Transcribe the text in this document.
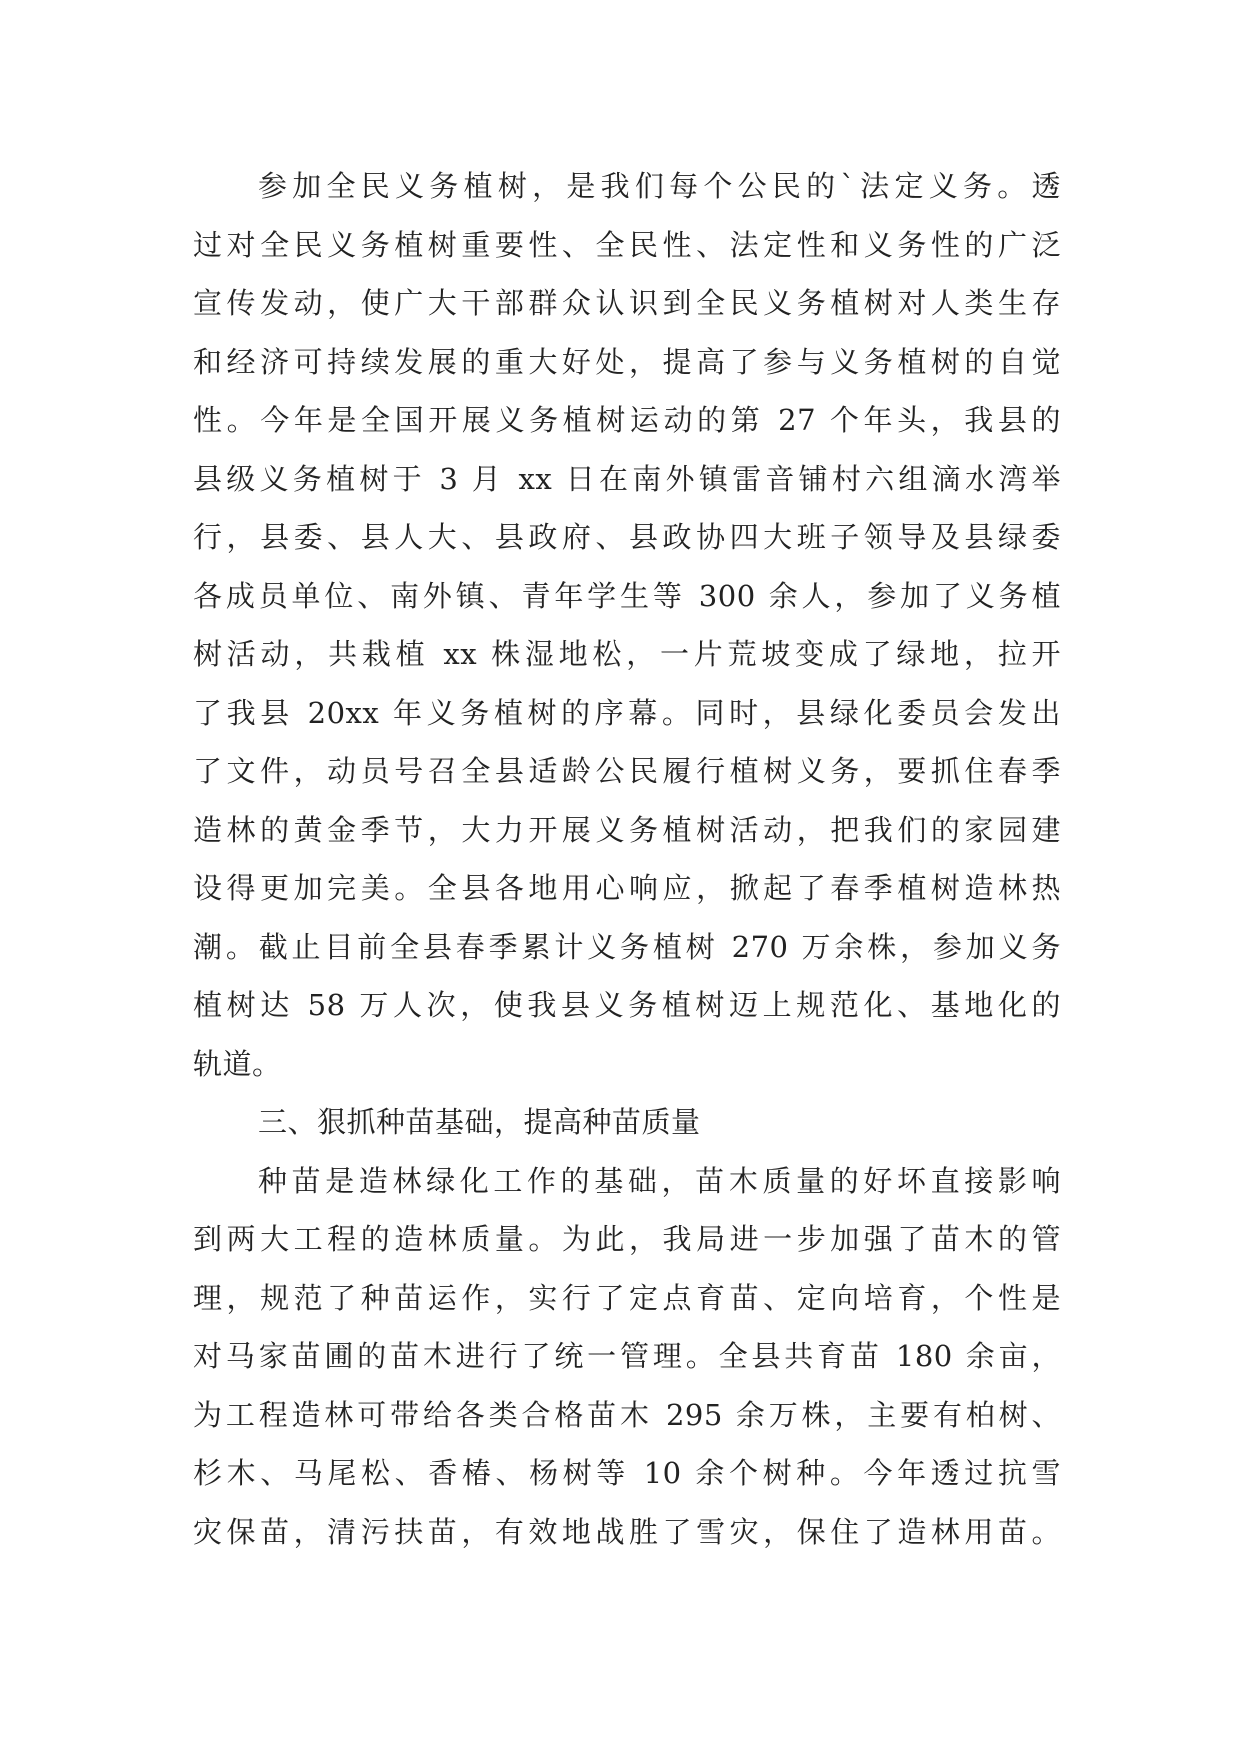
参加全民义务植树，是我们每个公民的`法定义务。透
过对全民义务植树重要性、全民性、法定性和义务性的广泛
宣传发动，使广大干部群众认识到全民义务植树对人类生存
和经济可持续发展的重大好处，提高了参与义务植树的自觉
性。今年是全国开展义务植树运动的第 27 个年头，我县的
县级义务植树于 3 月 xx 日在南外镇雷音铺村六组滴水湾举
行，县委、县人大、县政府、县政协四大班子领导及县绿委
各成员单位、南外镇、青年学生等 300 余人，参加了义务植
树活动，共栽植 xx 株湿地松，一片荒坡变成了绿地，拉开
了我县 20xx 年义务植树的序幕。同时，县绿化委员会发出
了文件，动员号召全县适龄公民履行植树义务，要抓住春季
造林的黄金季节，大力开展义务植树活动，把我们的家园建
设得更加完美。全县各地用心响应，掀起了春季植树造林热
潮。截止目前全县春季累计义务植树 270 万余株，参加义务
植树达 58 万人次，使我县义务植树迈上规范化、基地化的
轨道。
三、狠抓种苗基础，提高种苗质量
种苗是造林绿化工作的基础，苗木质量的好坏直接影响
到两大工程的造林质量。为此，我局进一步加强了苗木的管
理，规范了种苗运作，实行了定点育苗、定向培育，个性是
对马家苗圃的苗木进行了统一管理。全县共育苗 180 余亩，
为工程造林可带给各类合格苗木 295 余万株，主要有柏树、
杉木、马尾松、香椿、杨树等 10 余个树种。今年透过抗雪
灾保苗，清污扶苗，有效地战胜了雪灾，保住了造林用苗。
